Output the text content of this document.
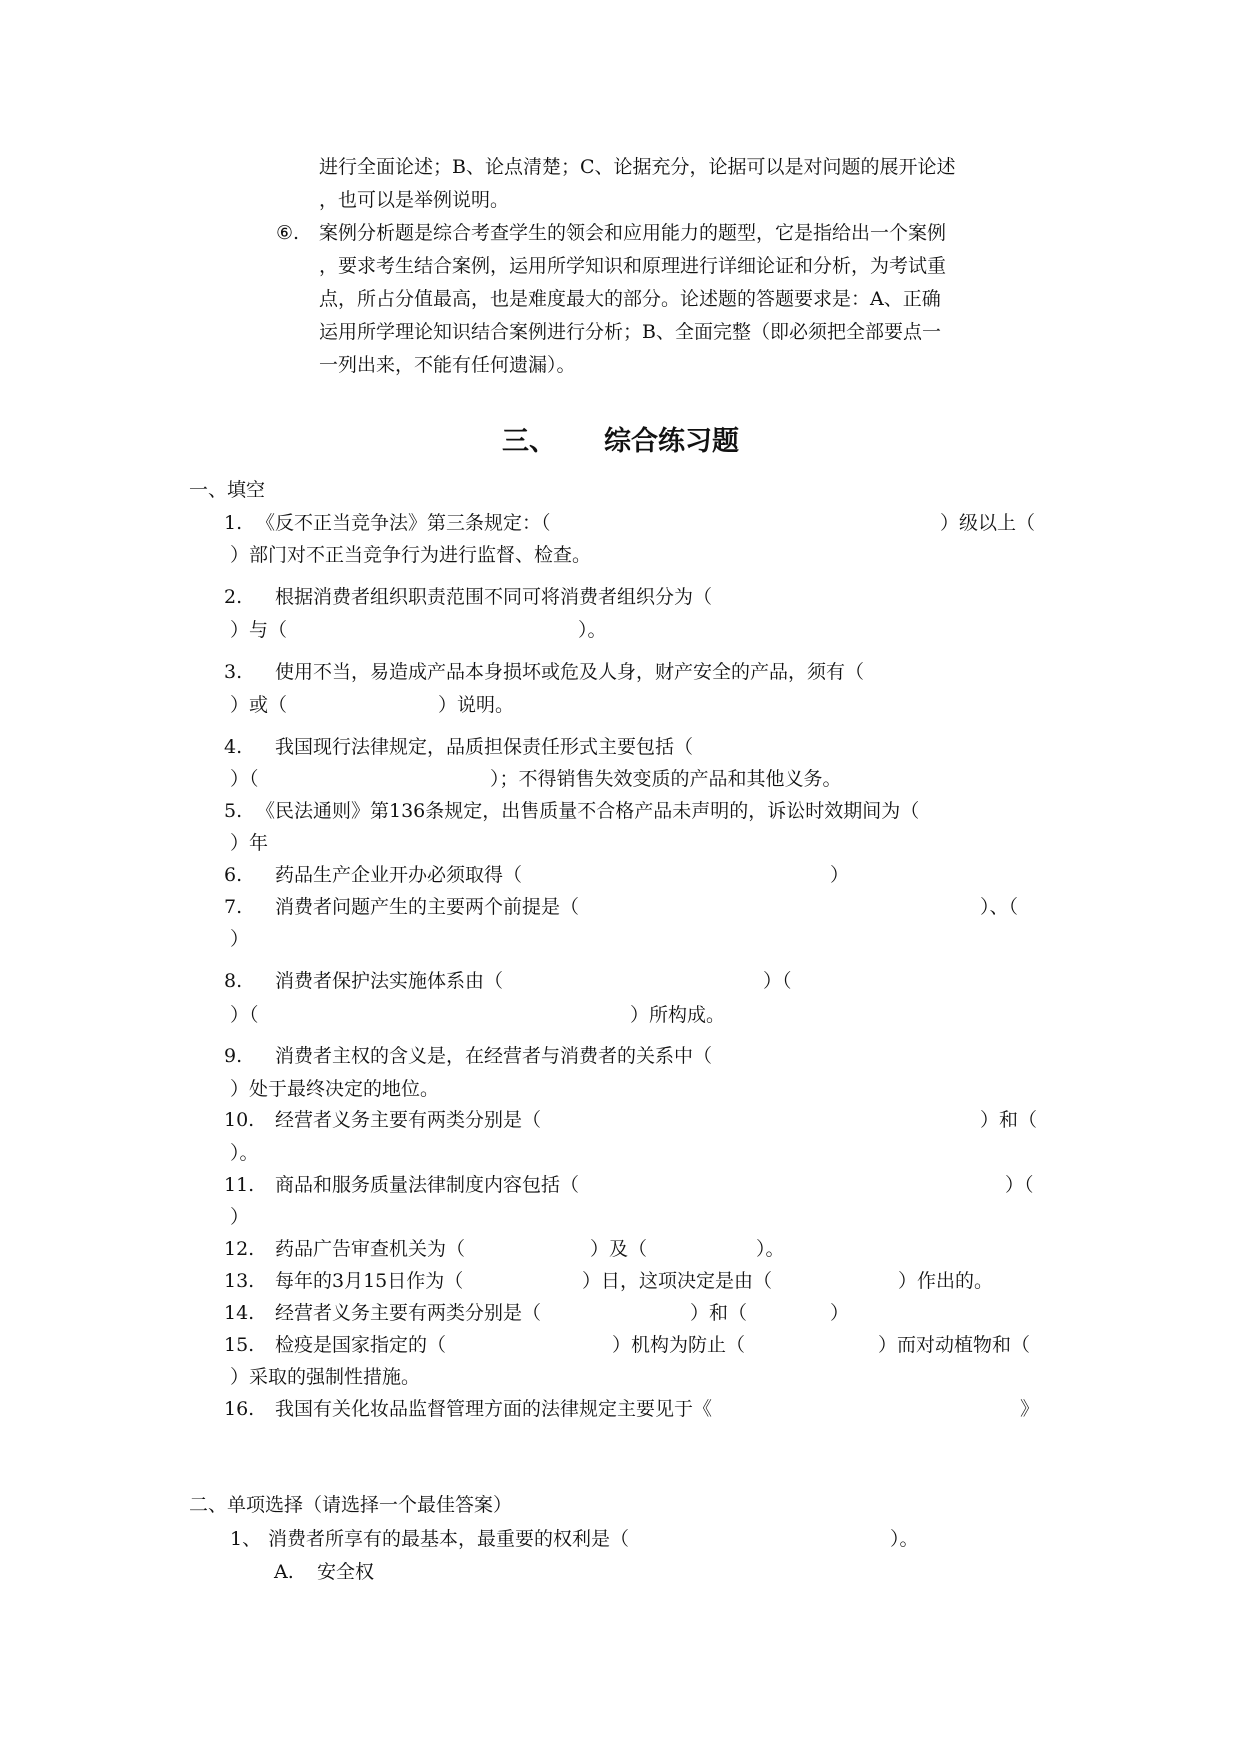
进行全面论述；B、论点清楚；C、论据充分，论据可以是对问题的展开论述
，也可以是举例说明。
⑥. 案例分析题是综合考查学生的领会和应用能力的题型，它是指给出一个案例
，要求考生结合案例，运用所学知识和原理进行详细论证和分析，为考试重
点，所占分值最高，也是难度最大的部分。论述题的答题要求是：A、正确
运用所学理论知识结合案例进行分析；B、全面完整（即必须把全部要点一
一列出来，不能有任何遗漏）。
三、 综合练习题
一、填空
1. 《反不正当竞争法》第三条规定：（	）级以上（
）部门对不正当竞争行为进行监督、检查。
2. 根据消费者组织职责范围不同可将消费者组织分为（
）与（	）。
3. 使用不当，易造成产品本身损坏或危及人身，财产安全的产品，须有（
）或（	）说明。
4. 我国现行法律规定，品质担保责任形式主要包括（
）（	）；不得销售失效变质的产品和其他义务。
5. 《民法通则》第136条规定，出售质量不合格产品未声明的，诉讼时效期间为（
）年
6. 药品生产企业开办必须取得（	）
7. 消费者问题产生的主要两个前提是（	）、（
）
8. 消费者保护法实施体系由（	）（
）（	）所构成。
9. 消费者主权的含义是，在经营者与消费者的关系中（
）处于最终决定的地位。
10. 经营者义务主要有两类分别是（	）和（
）。
11. 商品和服务质量法律制度内容包括（	）（
）
12. 药品广告审查机关为（	）及（	）。
13. 每年的3月15日作为（	）日，这项决定是由（	）作出的。
14. 经营者义务主要有两类分别是（	）和（	）
15. 检疫是国家指定的（	）机构为防止（	）而对动植物和（
）采取的强制性措施。
16. 我国有关化妆品监督管理方面的法律规定主要见于《	》
二、单项选择（请选择一个最佳答案）
1、 消费者所享有的最基本，最重要的权利是（	）。
A. 安全权
